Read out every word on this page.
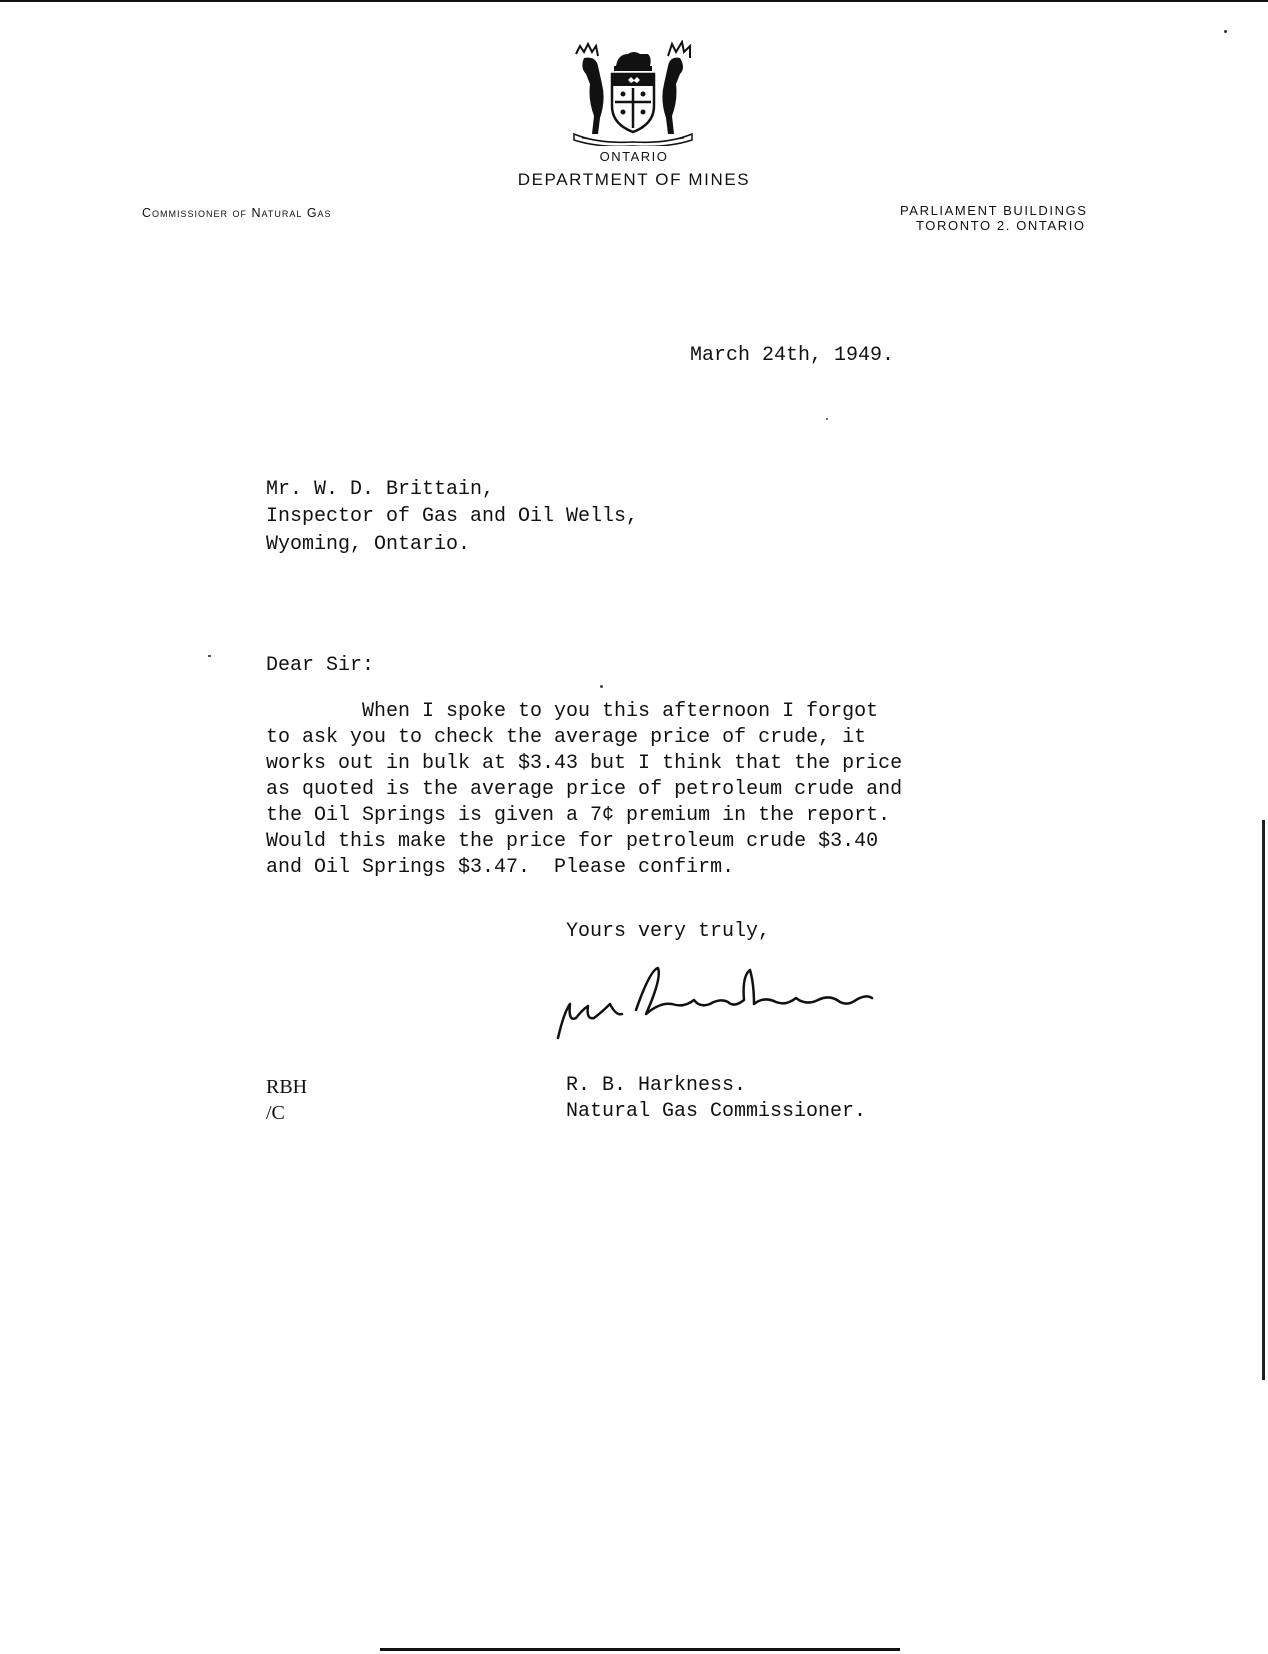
ONTARIO
DEPARTMENT OF MINES
Commissioner of Natural Gas	PARLIAMENT BUILDINGS
TORONTO 2. ONTARIO
March 24th, 1949.
Mr. W. D. Brittain,
Inspector of Gas and Oil Wells,
Wyoming, Ontario.
Dear Sir:
When I spoke to you this afternoon I forgot
to ask you to check the average price of crude, it
works out in bulk at $3.43 but I think that the price
as quoted is the average price of petroleum crude and
the Oil Springs is given a 7¢ premium in the report.
Would this make the price for petroleum crude $3.40
and Oil Springs $3.47.  Please confirm.
Yours very truly,
RBH
/C
R. B. Harkness.
Natural Gas Commissioner.
